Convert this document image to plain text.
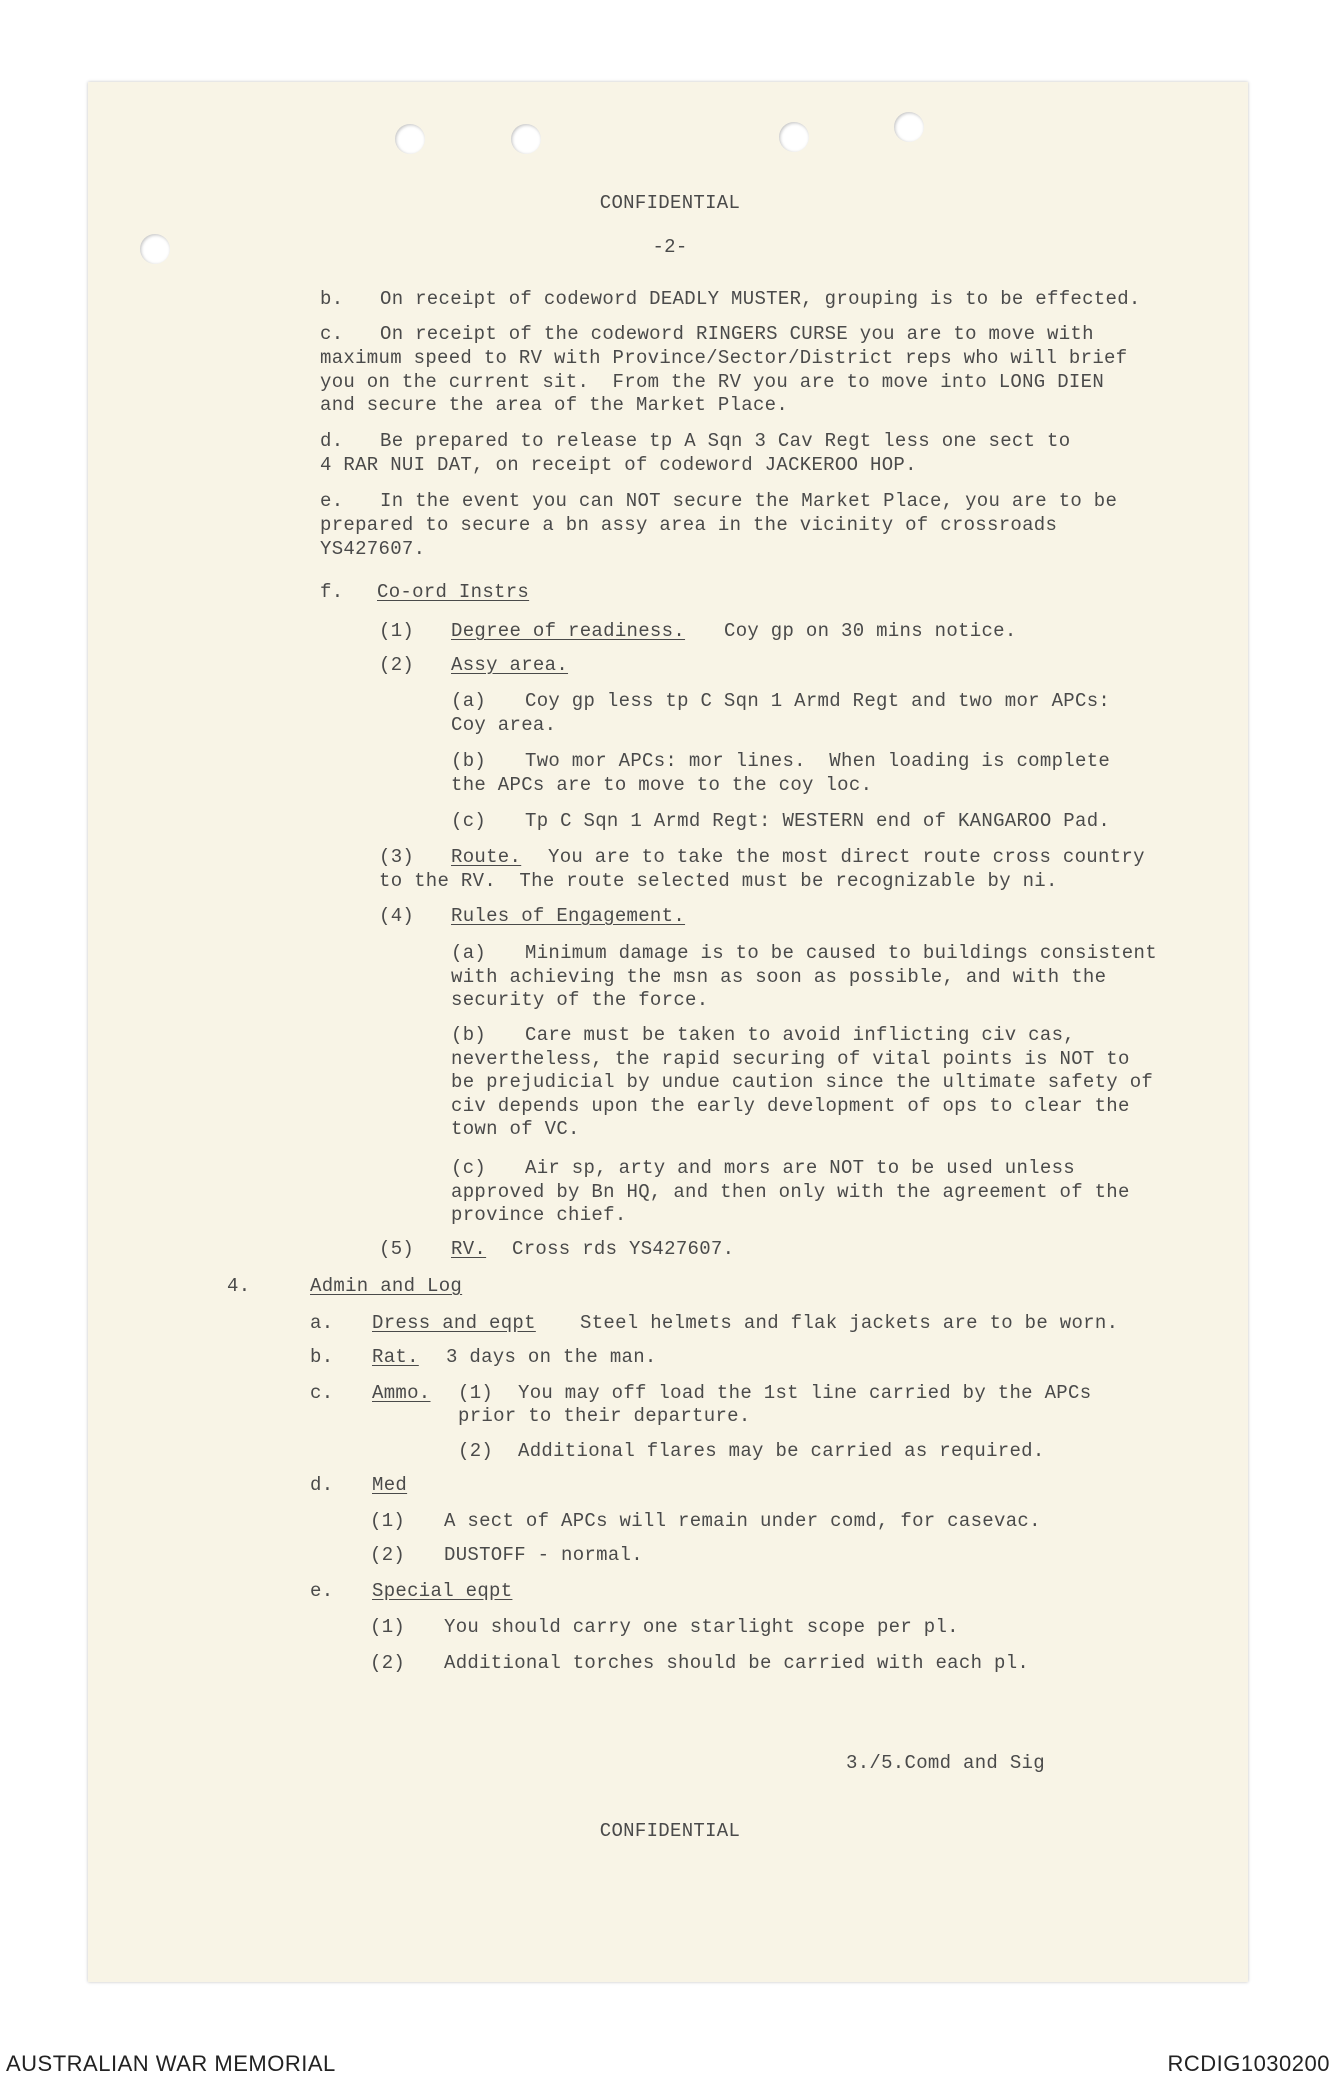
CONFIDENTIAL
-2-
b. On receipt of codeword DEADLY MUSTER, grouping is to be effected.
c. On receipt of the codeword RINGERS CURSE you are to move with
maximum speed to RV with Province/Sector/District reps who will brief
you on the current sit.  From the RV you are to move into LONG DIEN
and secure the area of the Market Place.
d. Be prepared to release tp A Sqn 3 Cav Regt less one sect to
4 RAR NUI DAT, on receipt of codeword JACKEROO HOP.
e. In the event you can NOT secure the Market Place, you are to be
prepared to secure a bn assy area in the vicinity of crossroads
YS427607.
f. Co-ord Instrs
(1) Degree of readiness. Coy gp on 30 mins notice.
(2) Assy area.
(a) Coy gp less tp C Sqn 1 Armd Regt and two mor APCs:
Coy area.
(b) Two mor APCs: mor lines.  When loading is complete
the APCs are to move to the coy loc.
(c) Tp C Sqn 1 Armd Regt: WESTERN end of KANGAROO Pad.
(3) Route. You are to take the most direct route cross country
to the RV.  The route selected must be recognizable by ni.
(4) Rules of Engagement.
(a) Minimum damage is to be caused to buildings consistent
with achieving the msn as soon as possible, and with the
security of the force.
(b) Care must be taken to avoid inflicting civ cas,
nevertheless, the rapid securing of vital points is NOT to
be prejudicial by undue caution since the ultimate safety of
civ depends upon the early development of ops to clear the
town of VC.
(c) Air sp, arty and mors are NOT to be used unless
approved by Bn HQ, and then only with the agreement of the
province chief.
(5) RV. Cross rds YS427607.
4.	Admin and Log
a. Dress and eqpt Steel helmets and flak jackets are to be worn.
b. Rat. 3 days on the man.
c. Ammo. (1) You may off load the 1st line carried by the APCs
prior to their departure.
(2) Additional flares may be carried as required.
d. Med
(1) A sect of APCs will remain under comd, for casevac.
(2) DUSTOFF - normal.
e. Special eqpt
(1) You should carry one starlight scope per pl.
(2) Additional torches should be carried with each pl.
3./5.Comd and Sig
CONFIDENTIAL
AUSTRALIAN WAR MEMORIAL	RCDIG1030200
